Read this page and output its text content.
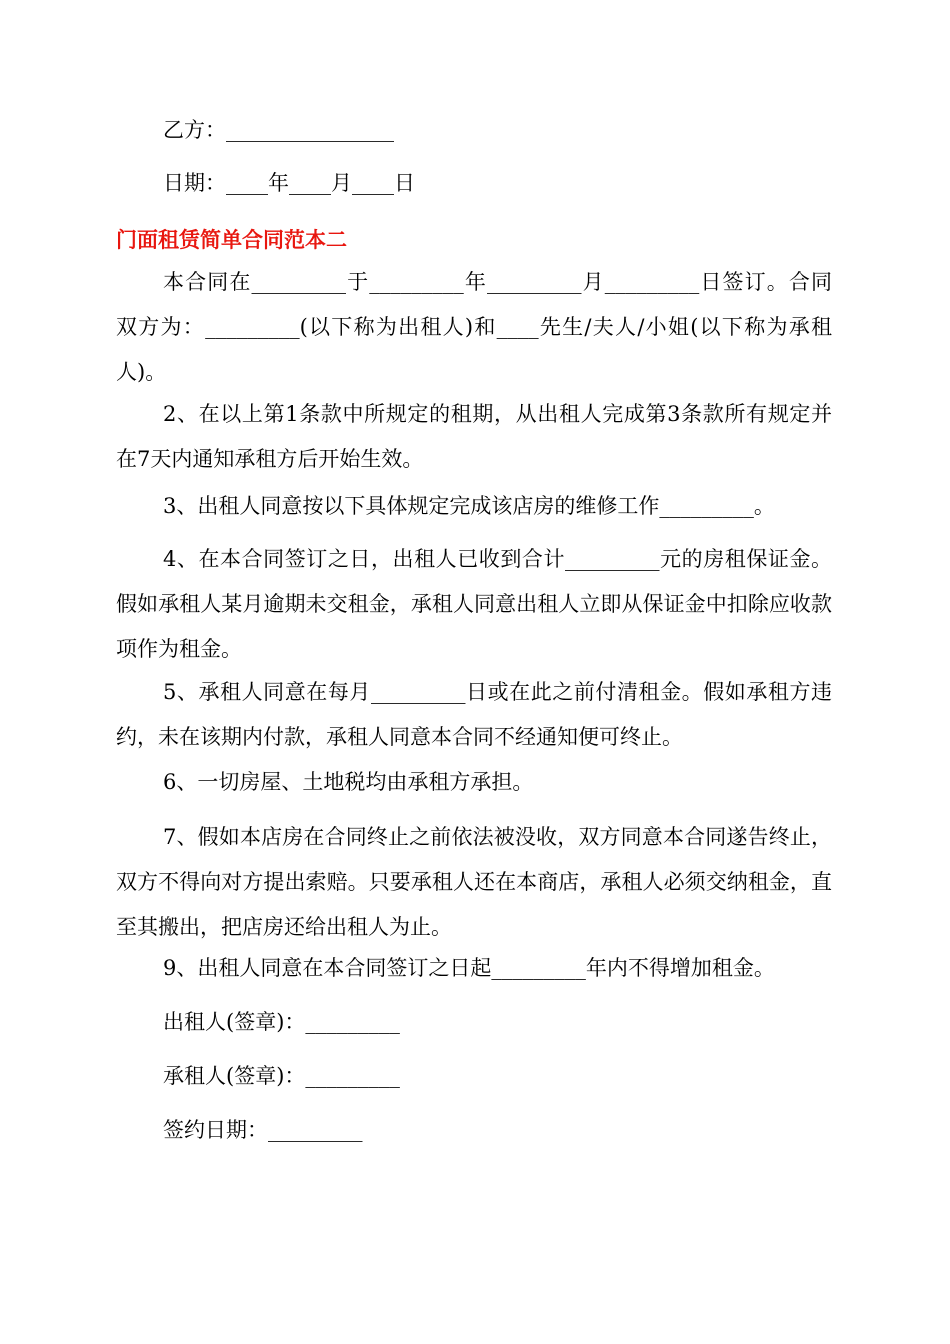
乙方：________________
日期：____年____月____日
门面租赁简单合同范本二
本合同在_________于_________年_________月_________日签订。合同双方为：_________(以下称为出租人)和____先生/夫人/小姐(以下称为承租人)。
2、在以上第1条款中所规定的租期，从出租人完成第3条款所有规定并在7天内通知承租方后开始生效。
3、出租人同意按以下具体规定完成该店房的维修工作_________。
4、在本合同签订之日，出租人已收到合计_________元的房租保证金。假如承租人某月逾期未交租金，承租人同意出租人立即从保证金中扣除应收款项作为租金。
5、承租人同意在每月_________日或在此之前付清租金。假如承租方违约，未在该期内付款，承租人同意本合同不经通知便可终止。
6、一切房屋、土地税均由承租方承担。
7、假如本店房在合同终止之前依法被没收，双方同意本合同遂告终止，双方不得向对方提出索赔。只要承租人还在本商店，承租人必须交纳租金，直至其搬出，把店房还给出租人为止。
9、出租人同意在本合同签订之日起_________年内不得增加租金。
出租人(签章)：_________
承租人(签章)：_________
签约日期：_________
